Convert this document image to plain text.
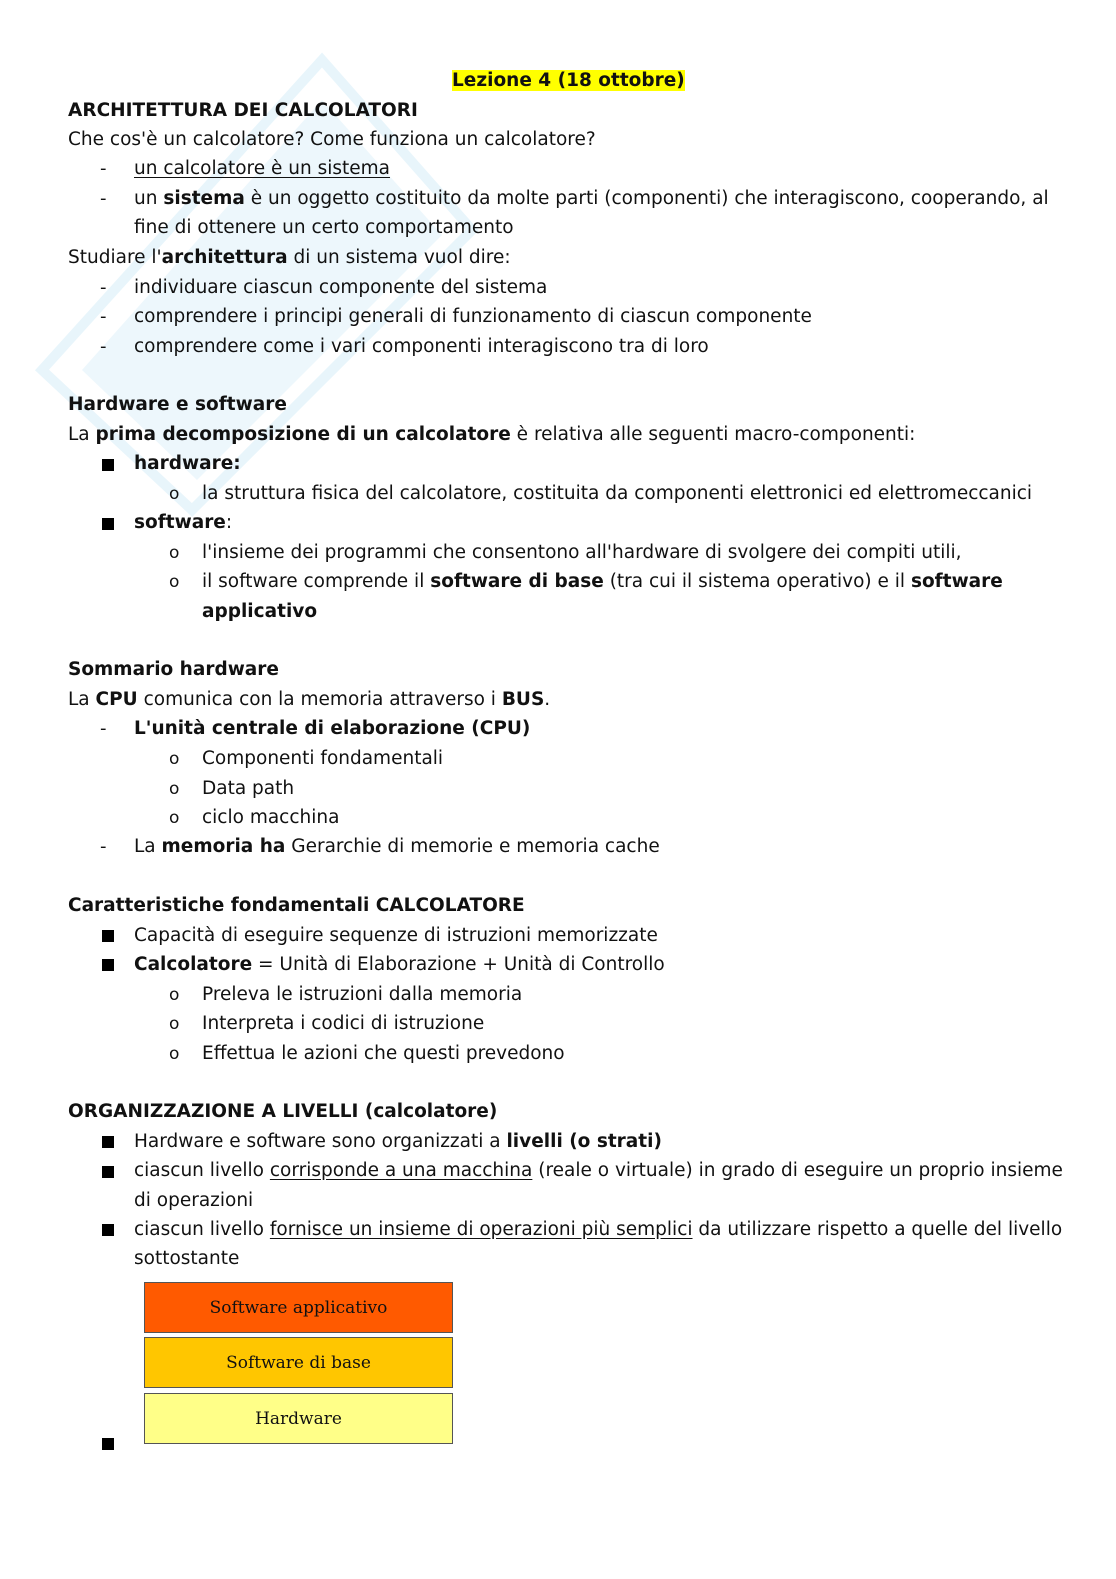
Lezione 4 (18 ottobre)
ARCHITETTURA DEI CALCOLATORI
Che cos'è un calcolatore? Come funziona un calcolatore?
- un calcolatore è un sistema
- un sistema è un oggetto costituito da molte parti (componenti) che interagiscono, cooperando, al
fine di ottenere un certo comportamento
Studiare l'architettura di un sistema vuol dire:
- individuare ciascun componente del sistema
- comprendere i principi generali di funzionamento di ciascun componente
- comprendere come i vari componenti interagiscono tra di loro
Hardware e software
La prima decomposizione di un calcolatore è relativa alle seguenti macro-componenti:
hardware:
o la struttura fisica del calcolatore, costituita da componenti elettronici ed elettromeccanici
software:
o l'insieme dei programmi che consentono all'hardware di svolgere dei compiti utili,
o il software comprende il software di base (tra cui il sistema operativo) e il software
applicativo
Sommario hardware
La CPU comunica con la memoria attraverso i BUS.
- L'unità centrale di elaborazione (CPU)
o Componenti fondamentali
o Data path
o ciclo macchina
- La memoria ha Gerarchie di memorie e memoria cache
Caratteristiche fondamentali CALCOLATORE
Capacità di eseguire sequenze di istruzioni memorizzate
Calcolatore = Unità di Elaborazione + Unità di Controllo
o Preleva le istruzioni dalla memoria
o Interpreta i codici di istruzione
o Effettua le azioni che questi prevedono
ORGANIZZAZIONE A LIVELLI (calcolatore)
Hardware e software sono organizzati a livelli (o strati)
ciascun livello corrisponde a una macchina (reale o virtuale) in grado di eseguire un proprio insieme
di operazioni
ciascun livello fornisce un insieme di operazioni più semplici da utilizzare rispetto a quelle del livello
sottostante
Software applicativo
Software di base
Hardware
